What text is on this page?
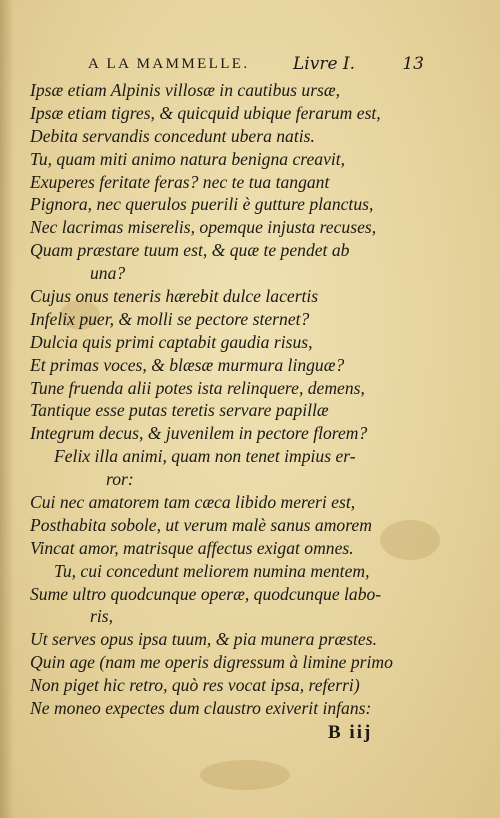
A LA MAMMELLE.	Livre I.	13
Ipsæ etiam Alpinis villosæ in cautibus ursæ,
Ipsæ etiam tigres, & quicquid ubique ferarum est,
Debita servandis concedunt ubera natis.
Tu, quam miti animo natura benigna creavit,
Exuperes feritate feras? nec te tua tangant
Pignora, nec querulos puerili è gutture planctus,
Nec lacrimas miserelis, opemque injusta recuses,
Quam præstare tuum est, & quæ te pendet ab
una?
Cujus onus teneris hærebit dulce lacertis
Infelix puer, & molli se pectore sternet?
Dulcia quis primi captabit gaudia risus,
Et primas voces, & blæsæ murmura linguæ?
Tune fruenda alii potes ista relinquere, demens,
Tantique esse putas teretis servare papillæ
Integrum decus, & juvenilem in pectore florem?
Felix illa animi, quam non tenet impius er-
ror:
Cui nec amatorem tam cæca libido mereri est,
Posthabita sobole, ut verum malè sanus amorem
Vincat amor, matrisque affectus exigat omnes.
Tu, cui concedunt meliorem numina mentem,
Sume ultro quodcunque operæ, quodcunque labo-
ris,
Ut serves opus ipsa tuum, & pia munera præstes.
Quin age (nam me operis digressum à limine primo
Non piget hic retro, quò res vocat ipsa, referri)
Ne moneo expectes dum claustro exiverit infans:
B iij
